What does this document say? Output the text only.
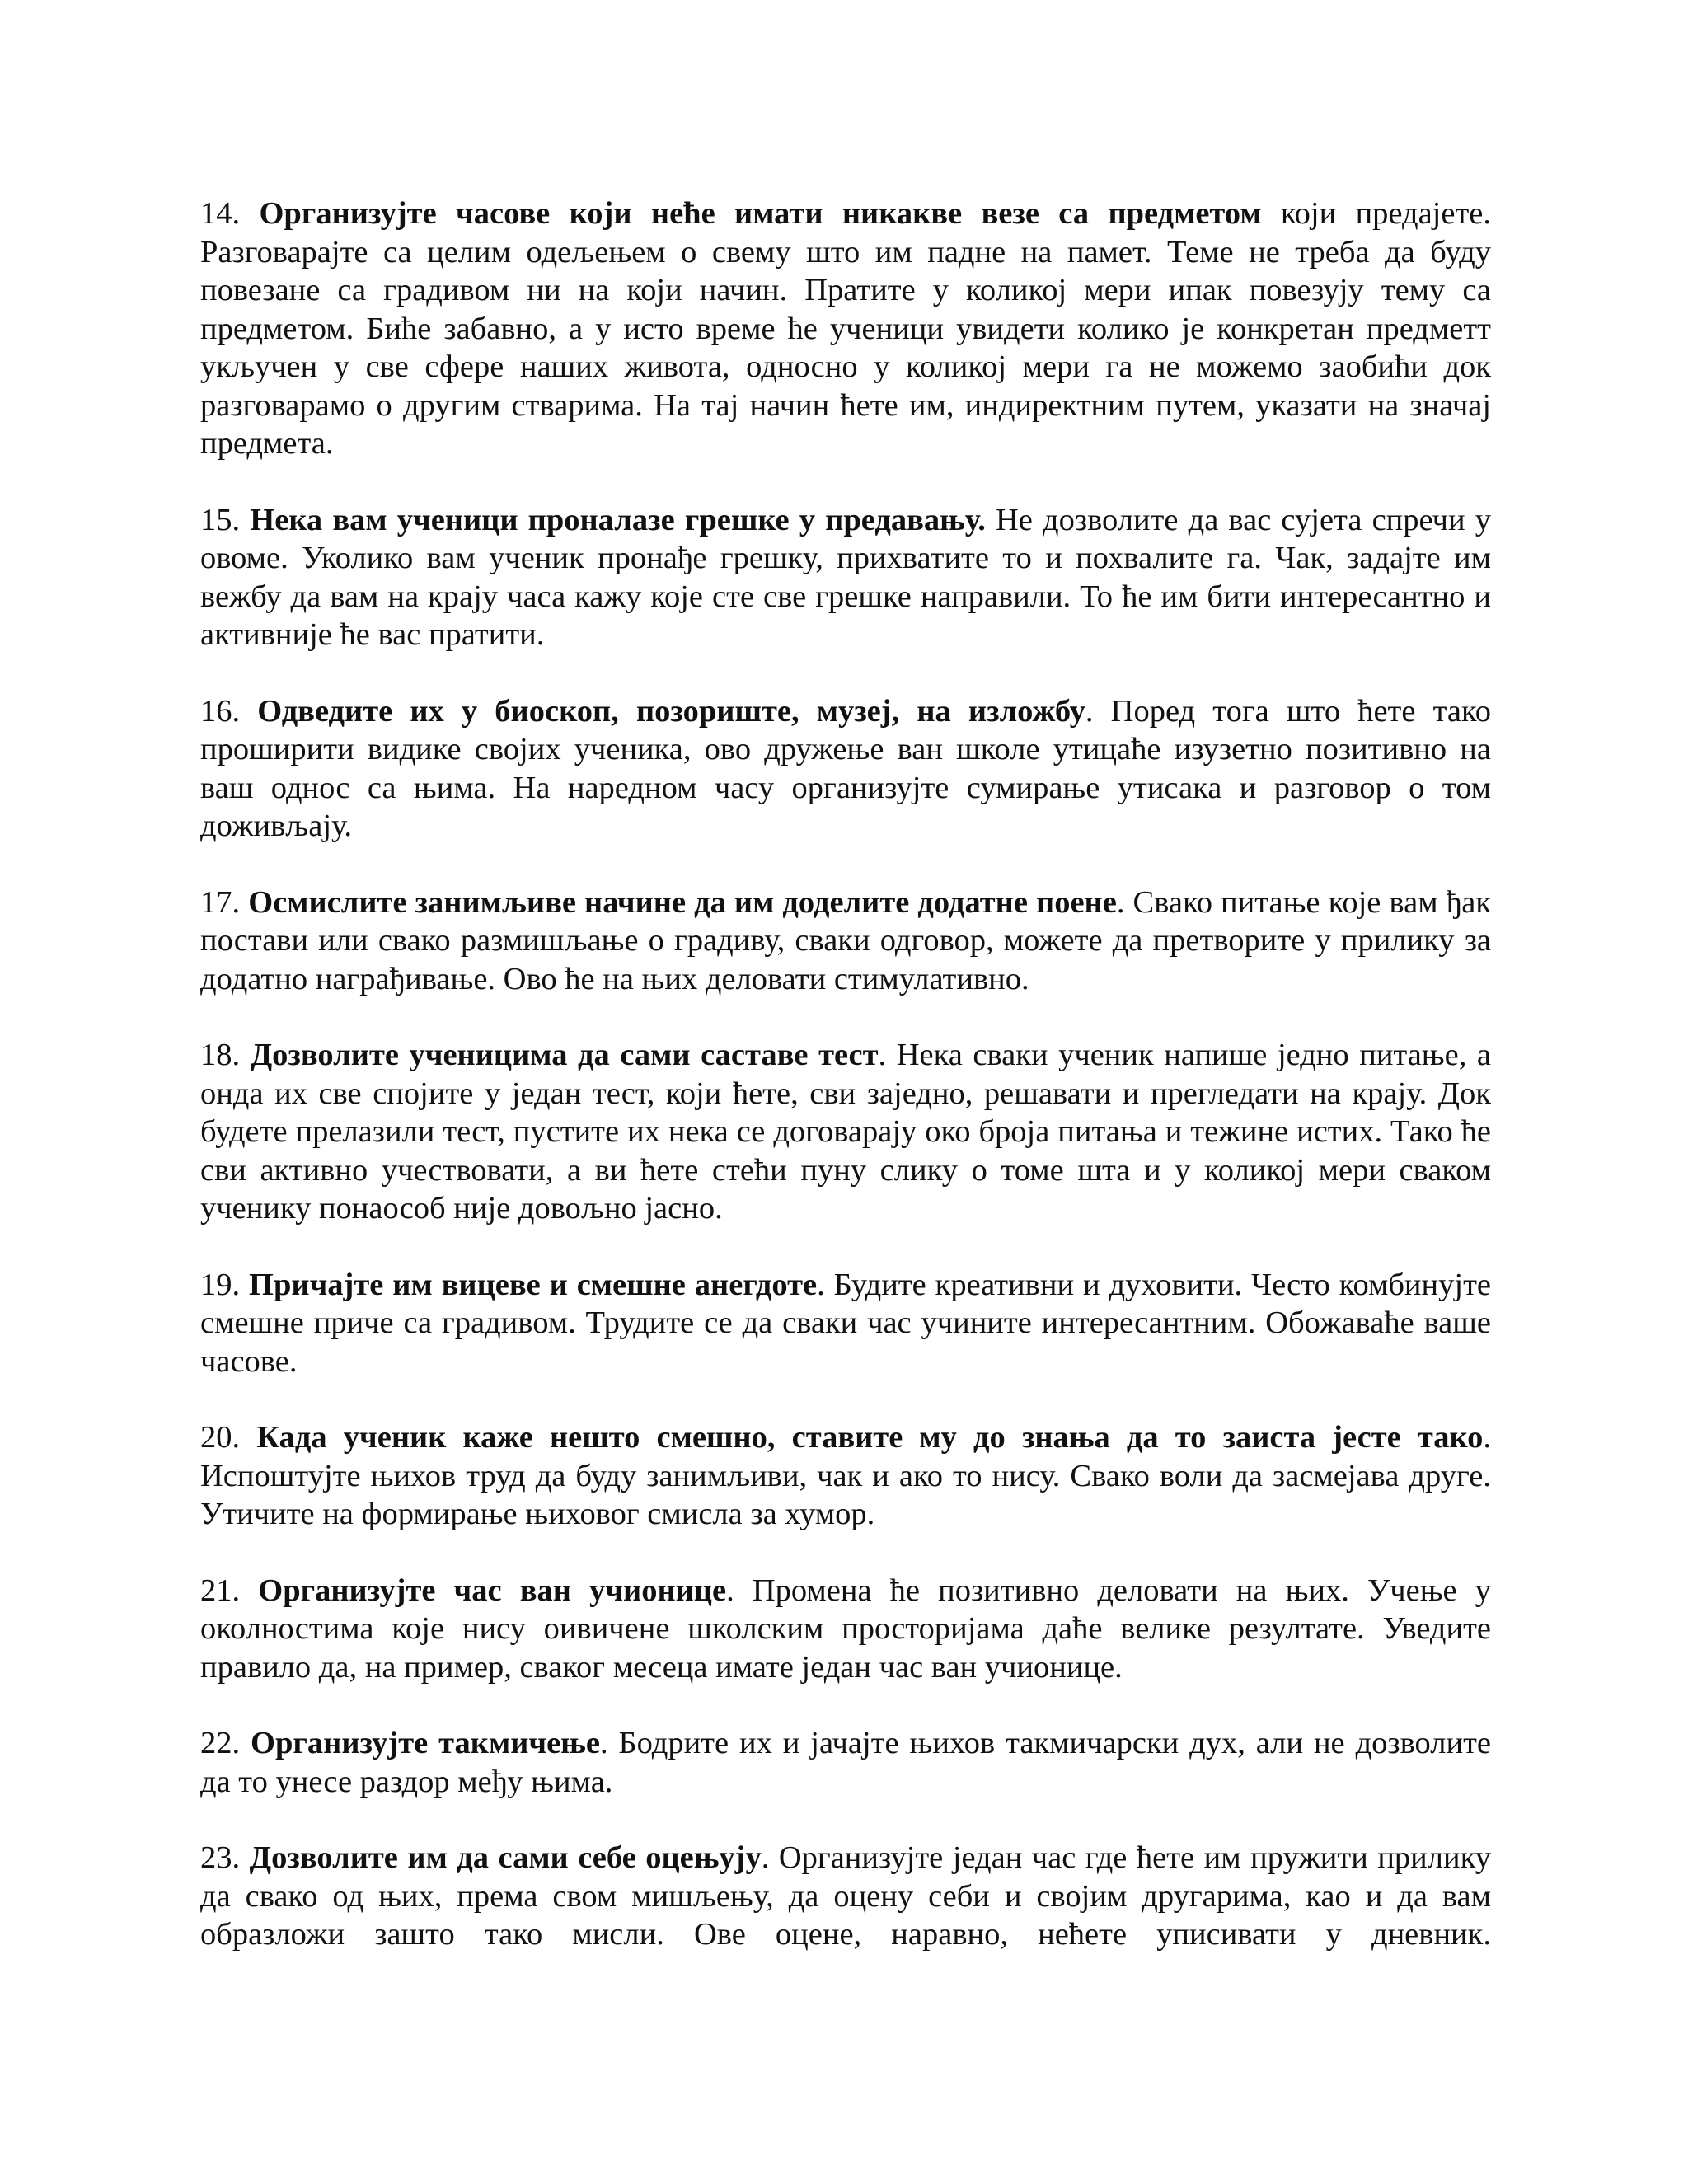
14. Организујте часове који неће имати никакве везе са предметом који предајете. Разговарајте са целим одељењем о свему што им падне на памет. Теме не треба да буду повезане са градивом ни на који начин. Пратите у коликој мери ипак повезују тему са предметом. Биће забавно, а у исто време ће ученици увидети колико је конкретан предметт укључен у све сфере наших живота, односно у коликој мери га не можемо заобићи док разговарамо о другим стварима. На тај начин ћете им, индиректним путем, указати на значај предмета.

15. Нека вам ученици проналазе грешке у предавању. Не дозволите да вас сујета спречи у овоме. Уколико вам ученик пронађе грешку, прихватите то и похвалите га. Чак, задајте им вежбу да вам на крају часа кажу које сте све грешке направили. То ће им бити интересантно и активније ће вас пратити.

16. Одведите их у биоскоп, позориште, музеј, на изложбу. Поред тога што ћете тако проширити видике својих ученика, ово дружење ван школе утицаће изузетно позитивно на ваш однос са њима. На наредном часу организујте сумирање утисака и разговор о том доживљају.

17. Осмислите занимљиве начине да им доделите додатне поене. Свако питање које вам ђак постави или свако размишљање о градиву, сваки одговор, можете да претворите у прилику за додатно награђивање. Ово ће на њих деловати стимулативно.

18. Дозволите ученицима да сами саставе тест. Нека сваки ученик напише једно питање, а онда их све спојите у један тест, који ћете, сви заједно, решавати и прегледати на крају. Док будете прелазили тест, пустите их нека се договарају око броја питања и тежине истих. Тако ће сви активно учествовати, а ви ћете стећи пуну слику о томе шта и у коликој мери сваком ученику понаособ није довољно јасно.

19. Причајте им вицеве и смешне анегдоте. Будите креативни и духовити. Често комбинујте смешне приче са градивом. Трудите се да сваки час учините интересантним. Обожаваће ваше часове.

20. Када ученик каже нешто смешно, ставите му до знања да то заиста јесте тако. Испоштујте њихов труд да буду занимљиви, чак и ако то нису. Свако воли да засмејава друге. Утичите на формирање њиховог смисла за хумор.

21. Организујте час ван учионице. Промена ће позитивно деловати на њих. Учење у околностима које нису оивичене школским просторијама даће велике резултате. Уведите правило да, на пример, сваког месеца имате један час ван учионице.

22. Организујте такмичење. Бодрите их и јачајте њихов такмичарски дух, али не дозволите да то унесе раздор међу њима.

23. Дозволите им да сами себе оцењују. Организујте један час где ћете им пружити прилику да свако од њих, према свом мишљењу, да оцену себи и својим другарима, као и да вам образложи зашто тако мисли. Ове оцене, наравно, нећете уписивати у дневник.
